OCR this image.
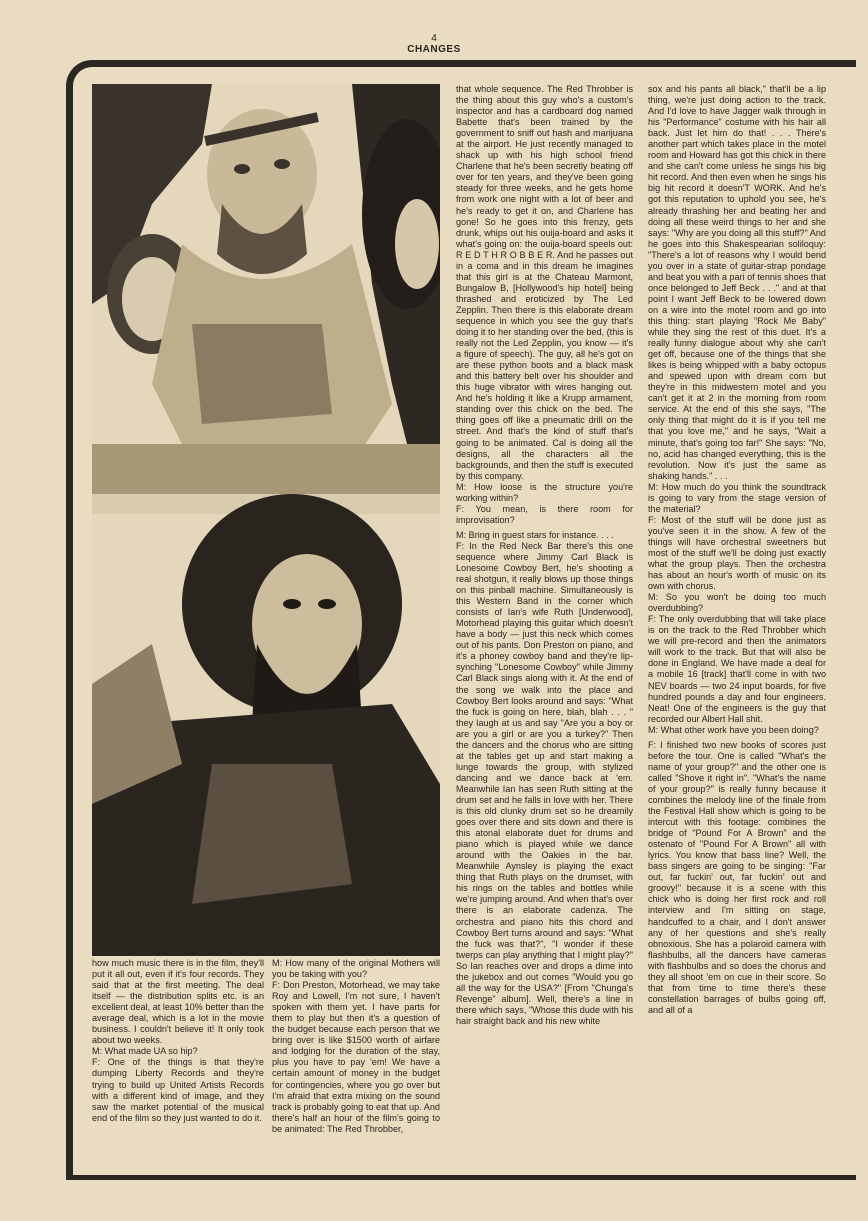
4
CHANGES

how much music there is in the film, they'll put it all out, even if it's four records. They said that at the first meeting. The deal itself — the distribution splits etc. is an excellent deal, at least 10% better than the average deal, which is a lot in the movie business. I couldn't believe it! It only took about two weeks.

M: What made UA so hip?

F: One of the things is that they're dumping Liberty Records and they're trying to build up United Artists Records with a different kind of image, and they saw the market potential of the musical end of the film so they just wanted to do it.

M: How many of the original Mothers will you be taking with you?

F: Don Preston, Motorhead, we may take Roy and Lowell, I'm not sure, I haven't spoken with them yet. I have parts for them to play but then it's a question of the budget because each person that we bring over is like $1500 worth of airfare and lodging for the duration of the stay, plus you have to pay 'em! We have a certain amount of money in the budget for contingencies, where you go over but I'm afraid that extra mixing on the sound track is probably going to eat that up. And there's half an hour of the film's going to be animated: The Red Throbber,

that whole sequence. The Red Throbber is the thing about this guy who's a custom's inspector and has a cardboard dog named Babette that's been trained by the government to sniff out hash and marijuana at the airport. He just recently managed to shack up with his high school friend Charlene that he's been secretly beating off over for ten years, and they've been going steady for three weeks, and he gets home from work one night with a lot of beer and he's ready to get it on, and Charlene has gone! So he goes into this frenzy, gets drunk, whips out his ouija-board and asks it what's going on: the ouija-board speels out: R E D T H R O B B E R. And he passes out in a coma and in this dream he imagines that this girl is at the Chateau Marmont, Bungalow B, [Hollywood's hip hotel] being thrashed and eroticized by The Led Zepplin. Then there is this elaborate dream sequence in which you see the guy that's doing it to her standing over the bed, (this is really not the Led Zepplin, you know — it's a figure of speech). The guy, all he's got on are these python boots and a black mask and this battery belt over his shoulder and this huge vibrator with wires hanging out. And he's holding it like a Krupp armament, standing over this chick on the bed. The thing goes off like a pneumatic drill on the street. And that's the kind of stuff that's going to be animated. Cal is doing all the designs, all the characters all the backgrounds, and then the stuff is executed by this company.

M: How loose is the structure you're working within?

F: You mean, is there room for improvisation?

M: Bring in guest stars for instance. . . .

F: In the Red Neck Bar there's this one sequence where Jimmy Carl Black is Lonesome Cowboy Bert, he's shooting a real shotgun, it really blows up those things on this pinball machine. Simultaneously is this Western Band in the corner which consists of Ian's wife Ruth [Underwood], Motorhead playing this guitar which doesn't have a body — just this neck which comes out of his pants. Don Preston on piano, and it's a phoney cowboy band and they're lip-synching "Lonesome Cowboy" while Jimmy Carl Black sings along with it. At the end of the song we walk into the place and Cowboy Bert looks around and says: "What the fuck is going on here, blah, blah . . . " they laugh at us and say "Are you a boy or are you a girl or are you a turkey?" Then the dancers and the chorus who are sitting at the tables get up and start making a lunge towards the group, with stylized dancing and we dance back at 'em. Meanwhile Ian has seen Ruth sitting at the drum set and he falls in love with her. There is this old clunky drum set so he dreamily goes over there and sits down and there is this atonal elaborate duet for drums and piano which is played while we dance around with the Oakies in the bar. Meanwhile Aynsley is playing the exact thing that Ruth plays on the drumset, with his rings on the tables and bottles while we're jumping around. And when that's over there is an elaborate cadenza. The orchestra and piano hits this chord and Cowboy Bert turns around and says: "What the fuck was that?", "I wonder if these twerps can play anything that I might play?" So Ian reaches over and drops a dime into the jukebox and out comes "Would you go all the way for the USA?" [From "Chunga's Revenge" album]. Well, there's a line in there which says, "Whose this dude with his hair straight back and his new white

sox and his pants all black," that'll be a lip thing, we're just doing action to the track. And I'd love to have Jagger walk through in his "Performance" costume with his hair all back. Just let him do that! . . . There's another part which takes place in the motel room and Howard has got this chick in there and she can't come unless he sings his big hit record. And then even when he sings his big hit record it doesn'T WORK. And he's got this reputation to uphold you see, he's already thrashing her and beating her and doing all these weird things to her and she says: "Why are you doing all this stuff?" And he goes into this Shakespearian soliloquy: "There's a lot of reasons why I would bend you over in a state of guitar-strap pondage and beat you with a pari of tennis shoes that once belonged to Jeff Beck . . ." and at that point I want Jeff Beck to be lowered down on a wire into the motel room and go into this thing: start playing "Rock Me Baby" while they sing the rest of this duet. It's a really funny dialogue about why she can't get off, because one of the things that she likes is being whipped with a baby octopus and spewed upon with dream corn but they're in this midwestern motel and you can't get it at 2 in the morning from room service. At the end of this she says, "The only thing that might do it is if you tell me that you love me," and he says, "Wait a minute, that's going too far!" She says: "No, no, acid has changed everything, this is the revolution. Now it's just the same as shaking hands." . . .

M: How much do you think the soundtrack is going to vary from the stage version of the material?

F: Most of the stuff will be done just as you've seen it in the show. A few of the things will have orchestral sweetners but most of the stuff we'll be doing just exactly what the group plays. Then the orchestra has about an hour's worth of music on its own with chorus.

M: So you won't be doing too much overdubbing?

F: The only overdubbing that will take place is on the track to the Red Throbber which we will pre-record and then the animators will work to the track. But that will also be done in England. We have made a deal for a mobile 16 [track] that'll come in with two NEV boards — two 24 input boards, for five hundred pounds a day and four engineers. Neat! One of the engineers is the guy that recorded our Albert Hall shit.

M: What other work have you been doing?

F: I finished two new books of scores just before the tour. One is called "What's the name of your group?" and the other one is called "Shove it right in". "What's the name of your group?" is really funny because it combines the melody line of the finale from the Festival Hall show which is going to be intercut with this footage: combines the bridge of "Pound For A Brown" and the ostenato of "Pound For A Brown" all with lyrics. You know that bass line? Well, the bass singers are going to be singing: "Far out, far fuckin' out, far fuckin' out and groovy!" because it is a scene with this chick who is doing her first rock and roll interview and I'm sitting on stage, handcuffed to a chair, and I don't answer any of her questions and she's really obnoxious. She has a polaroid camera with flashbulbs, all the dancers have cameras with flashbulbs and so does the chorus and they all shoot 'em on cue in their score. So that from time to time there's these constellation barrages of bulbs going off, and all of a
